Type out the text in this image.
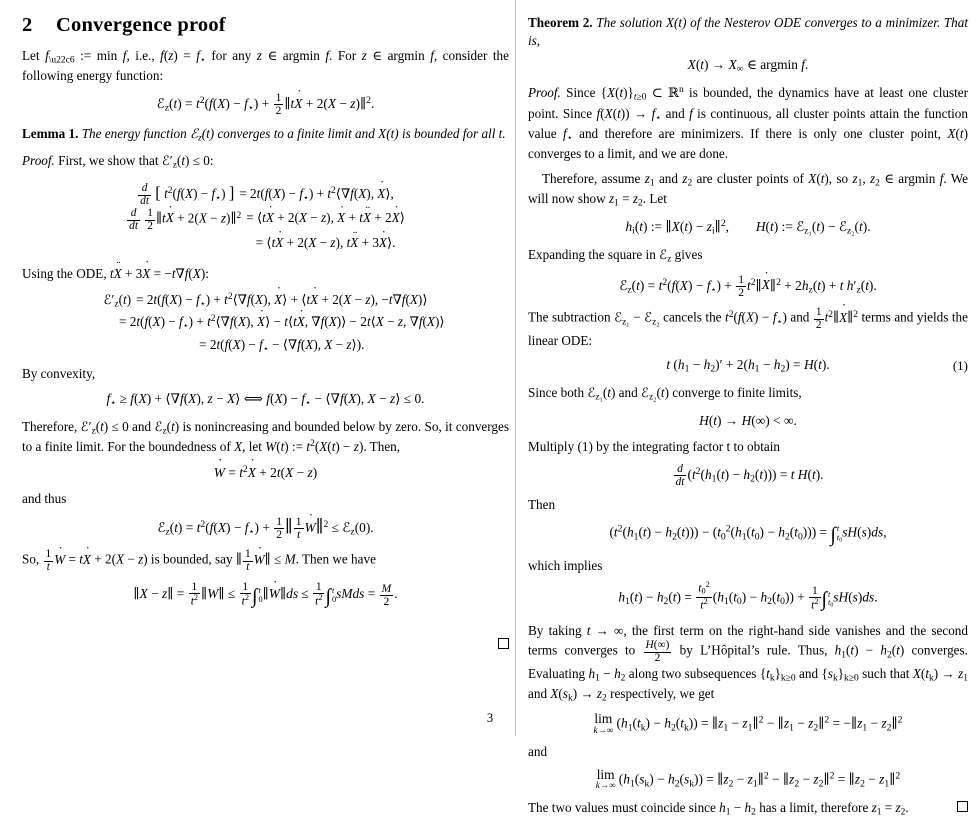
2 Convergence proof

Let $f_{\backslash u22c6}$ := min f, i.e., $f(z) = f_⋆$ for any z ∈ argmin f. For z ∈ argmin f, consider the following energy function:

ℰ$_z$(t) = $t^2(f(X) - f_⋆) + \frac{1}{2}$ ∥tX ˙ + 2(X − z)∥$^2$.

Lemma 1. The energy function ℰ$_z$(t) converges to a finite limit and X(t) is bounded for all t.

Proof. First, we show that $ℰ'_z(t) \le 0$:

$\frac{d}{dt}$ [ $t^2(f(X) - f_⋆)$ ] = $2t(f(X) - f_⋆)$ + $t^2⟨\nabla f(X)$, X ˙⟩,
$\frac{d}{dt}$
$\frac{1}{2}$ ∥tX ˙ + 2(X − z)∥$^2$ = ⟨tX ˙ + 2(X − z), X ˙ + tX ¨ + 2X ˙⟩
= ⟨tX ˙ + 2(X − z), tX ¨ + 3X ˙⟩.

Using the ODE, tX ¨ + 3X ˙ = −t∇f(X):

$ℰ'_z(t) = 2t(f(X) - f_⋆)$ + $t^2⟨\nabla f(X)$, X ˙⟩ + ⟨tX ˙ + 2(X − z), −t∇f(X)⟩
= $2t(f(X) - f_⋆)$ + $t^2⟨\nabla f(X)$, X ˙⟩ − t⟨tX ˙, ∇f(X)⟩ − 2t⟨X − z, ∇f(X)⟩
= $2t(f(X) - f_⋆$ − ⟨∇f(X), X − z⟩).

By convexity,

$f_⋆ \ge f(X)$ + ⟨∇f(X), z − X⟩ ⟺ $f(X) - f_⋆$ − ⟨∇f(X), X − z⟩ ≤ 0.

Therefore, $ℰ'_z(t) \le 0$ and ℰ$_z$(t) is nonincreasing and bounded below by zero. So, it converges to a finite limit. For the boundedness of X, let W(t) := $t^2(X(t) - z)$. Then,

W ˙ = $t^2X$ ˙ + 2t(X − z)

and thus

ℰ$_z$(t) = $t^2(f(X) - f_⋆) + \frac{1}{2}$ ∥ $\frac{1}{t}$ W ˙∥$^2$ ≤ ℰ$_z$(0).

So, $\frac{1}{t}$ W ˙ = tX ˙ + 2(X − z) is bounded, say ∥ $\frac{1}{t}$ W ˙∥ ≤ M. Then we have

∥X − z∥ = $\frac{1}{t^2}$ ∥W∥ ≤ $\frac{1}{t^2}$ ∫ t
0 ∥W ˙∥ds ≤ $\frac{1}{t^2}$ ∫ t
0 sMds = $\frac{M}{2}$ .

Theorem 2. The solution X(t) of the Nesterov ODE converges to a minimizer. That is,

$X(t) \to X_\infty$ ∈ argmin f.

Proof. Since $\{X(t)\}_{t\ge 0}$ ⊂ ℝ$^n$ is bounded, the dynamics have at least one cluster point. Since $f(X(t)) \to f_⋆$ and f is continuous, all cluster points attain the function value $f_⋆$ and therefore are minimizers. If there is only one cluster point, X(t) converges to a limit, and we are done.

Therefore, assume $z_1$ and $z_2$ are cluster points of X(t), so $z_1$, $z_2$ ∈ argmin f. We will now show $z_1 = z_2$. Let

$h_i(t)$ := ∥X(t) − $z_i\parallel^2$,        H(t) := ℰ$_{z_1}$(t) − ℰ$_{z_2}$(t).

Expanding the square in ℰ$_z$ gives

ℰ$_z$(t) = $t^2(f(X) - f_⋆) + \frac{1}{2}$ $t^2\parallel X$ ˙∥$^2$ + $2h_z(t) + t$ $h'_z(t)$.

The subtraction ℰ$_{z_1}$ − ℰ$_{z_2}$ cancels the $t^2(f(X) - f_⋆)$ and $\frac{1}{2}$ $t^2\parallel X$ ˙∥$^2$ terms and yields the linear ODE:

t $(h_1 - h_2)' + 2(h_1 - h_2) = H(t)$.	(1)

Since both ℰ$_{z_1}$(t) and ℰ$_{z_2}$(t) converge to finite limits,

H(t) → H(∞) < ∞.

Multiply (1) by the integrating factor t to obtain

$\frac{d}{dt} (t^2(h_1(t) - h_2(t))) = t$ H(t).

Then

$(t^2(h_1(t) - h_2(t))) - (t_0^2(h_1(t_0) - h_2(t_0)))$ = ∫ t
$t_0$
sH(s)ds,

which implies

$h_1(t) - h_2(t) = \frac{t_0^2}{t^2} (h_1(t_0) - h_2(t_0)) + \frac{1}{t^2}$ ∫ t
$t_0$
sH(s)ds.

By taking t → ∞, the first term on the right-hand side vanishes and the second terms converges to $\frac{H(\infty)}{2}$ by L’Hôpital’s rule. Thus, $h_1(t) - h_2(t)$ converges. Evaluating $h_1 - h_2$ along two subsequences $\{t_k\}_{k\ge 0}$ and $\{s_k\}_{k\ge 0}$ such that $X(t_k) \to z_1$ and $X(s_k) \to z_2$ respectively, we get

lim
k→∞ $(h_1(t_k) - h_2(t_k))$ = $\parallel z_1$ − $z_1\parallel^2$ − $\parallel z_1$ − $z_2\parallel^2$ = $-\parallel z_1$ − $z_2\parallel^2$

and

lim
k→∞ $(h_1(s_k) - h_2(s_k))$ = $\parallel z_2$ − $z_1\parallel^2$ − $\parallel z_2$ − $z_2\parallel^2$ = $\parallel z_2$ − $z_1\parallel^2$

The two values must coincide since $h_1 - h_2$ has a limit, therefore $z_1 = z_2$.

3
